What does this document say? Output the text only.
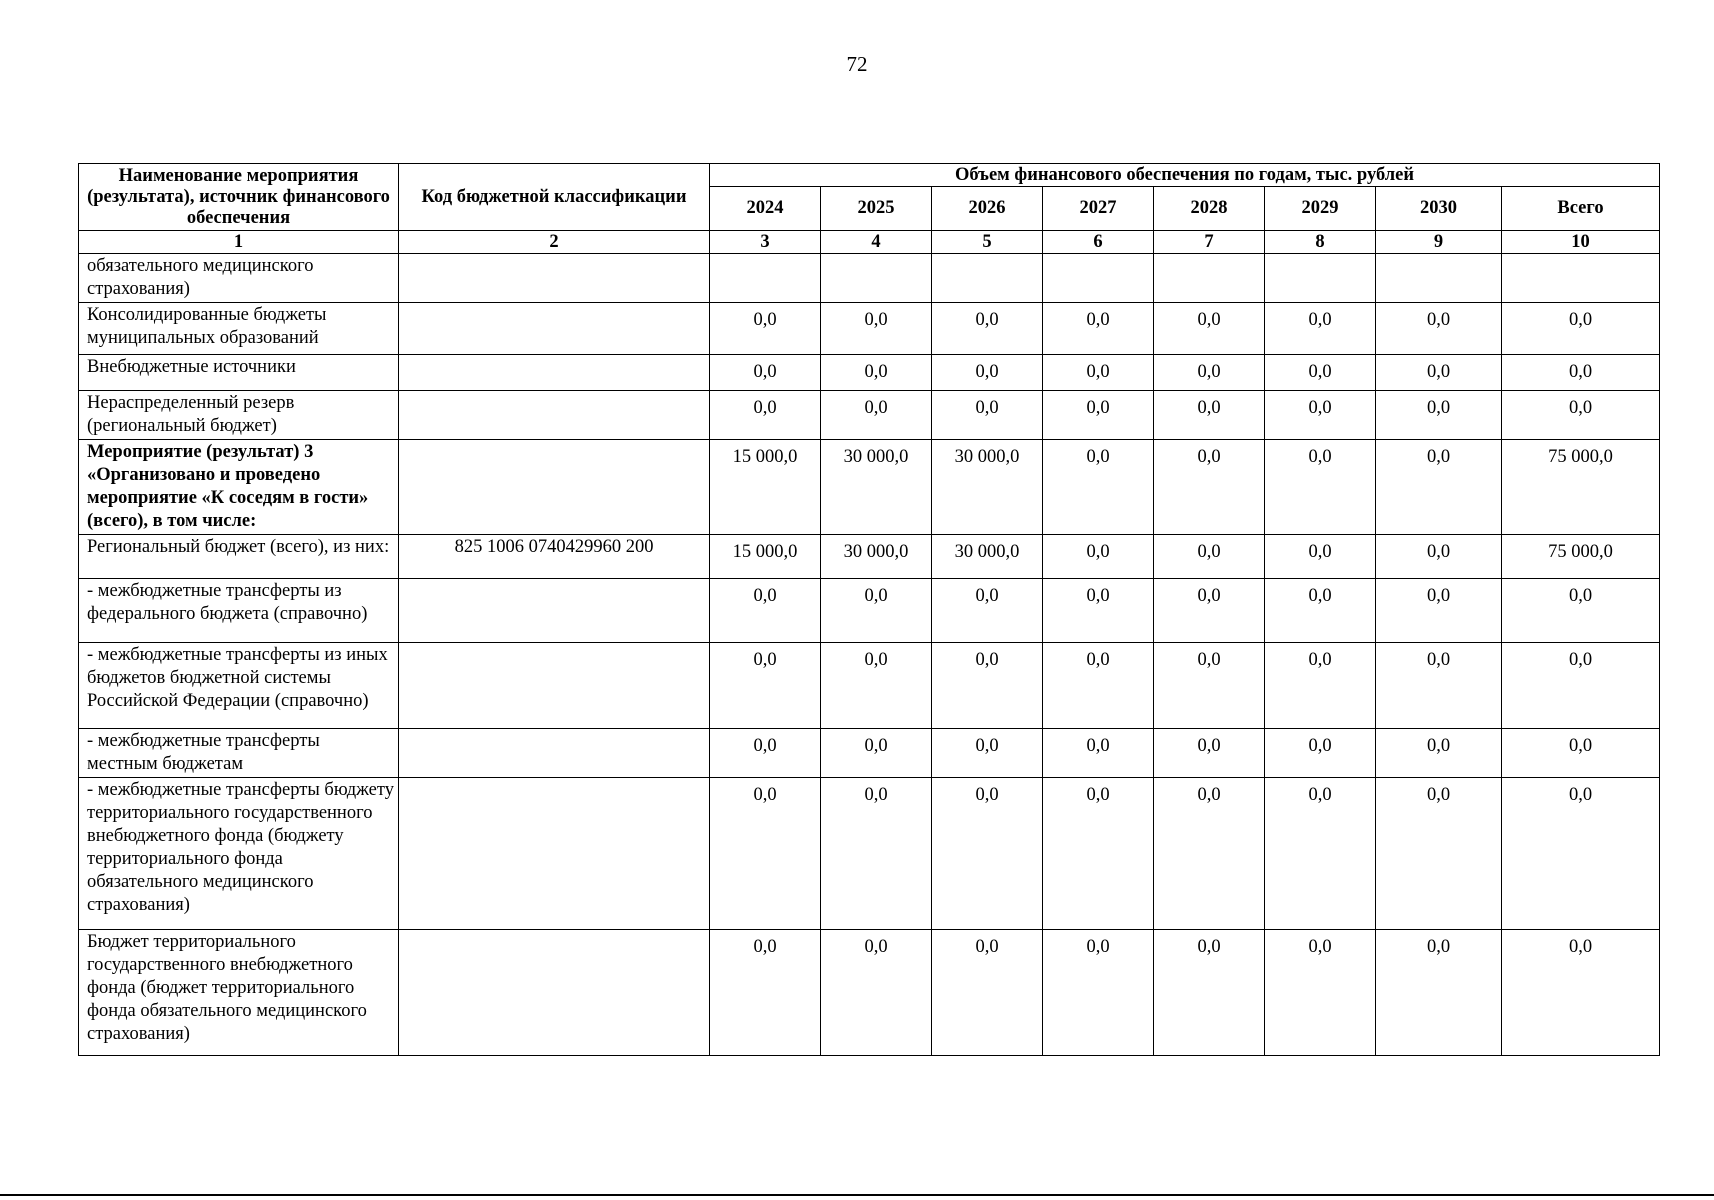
72
Наименование мероприятия (результата), источник финансового обеспечения	Код бюджетной классификации	Объем финансового обеспечения по годам, тыс. рублей							
		2024	2025	2026	2027	2028	2029	2030	Всего
1	2	3	4	5	6	7	8	9	10
обязательного медицинского страхования)									
Консолидированные бюджеты муниципальных образований		0,0	0,0	0,0	0,0	0,0	0,0	0,0	0,0
Внебюджетные источники		0,0	0,0	0,0	0,0	0,0	0,0	0,0	0,0
Нераспределенный резерв (региональный бюджет)		0,0	0,0	0,0	0,0	0,0	0,0	0,0	0,0
Мероприятие (результат) 3 «Организовано и проведено мероприятие «К соседям в гости» (всего), в том числе:		15 000,0	30 000,0	30 000,0	0,0	0,0	0,0	0,0	75 000,0
Региональный бюджет (всего), из них:	825 1006 0740429960 200	15 000,0	30 000,0	30 000,0	0,0	0,0	0,0	0,0	75 000,0
- межбюджетные трансферты из федерального бюджета (справочно)		0,0	0,0	0,0	0,0	0,0	0,0	0,0	0,0
- межбюджетные трансферты из иных бюджетов бюджетной системы Российской Федерации (справочно)		0,0	0,0	0,0	0,0	0,0	0,0	0,0	0,0
- межбюджетные трансферты местным бюджетам		0,0	0,0	0,0	0,0	0,0	0,0	0,0	0,0
- межбюджетные трансферты бюджету территориального государственного внебюджетного фонда (бюджету территориального фонда обязательного медицинского страхования)		0,0	0,0	0,0	0,0	0,0	0,0	0,0	0,0
Бюджет территориального государственного внебюджетного фонда (бюджет территориального фонда обязательного медицинского страхования)		0,0	0,0	0,0	0,0	0,0	0,0	0,0	0,0
